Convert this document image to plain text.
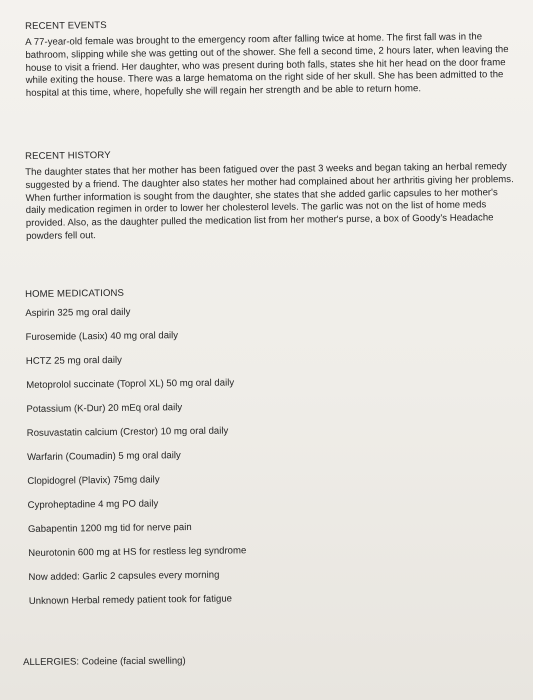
RECENT EVENTS

A 77-year-old female was brought to the emergency room after falling twice at home. The first fall was in the bathroom, slipping while she was getting out of the shower. She fell a second time, 2 hours later, when leaving the house to visit a friend. Her daughter, who was present during both falls, states she hit her head on the door frame while exiting the house. There was a large hematoma on the right side of her skull. She has been admitted to the hospital at this time, where, hopefully she will regain her strength and be able to return home.

RECENT HISTORY

The daughter states that her mother has been fatigued over the past 3 weeks and began taking an herbal remedy suggested by a friend. The daughter also states her mother had complained about her arthritis giving her problems. When further information is sought from the daughter, she states that she added garlic capsules to her mother's daily medication regimen in order to lower her cholesterol levels. The garlic was not on the list of home meds provided. Also, as the daughter pulled the medication list from her mother's purse, a box of Goody's Headache powders fell out.

HOME MEDICATIONS
Aspirin 325 mg oral daily
Furosemide (Lasix) 40 mg oral daily
HCTZ 25 mg oral daily
Metoprolol succinate (Toprol XL) 50 mg oral daily
Potassium (K-Dur) 20 mEq oral daily
Rosuvastatin calcium (Crestor) 10 mg oral daily
Warfarin (Coumadin) 5 mg oral daily
Clopidogrel (Plavix) 75mg daily
Cyproheptadine 4 mg PO daily
Gabapentin 1200 mg tid for nerve pain
Neurotonin 600 mg at HS for restless leg syndrome
Now added: Garlic 2 capsules every morning
Unknown Herbal remedy patient took for fatigue
ALLERGIES: Codeine (facial swelling)
